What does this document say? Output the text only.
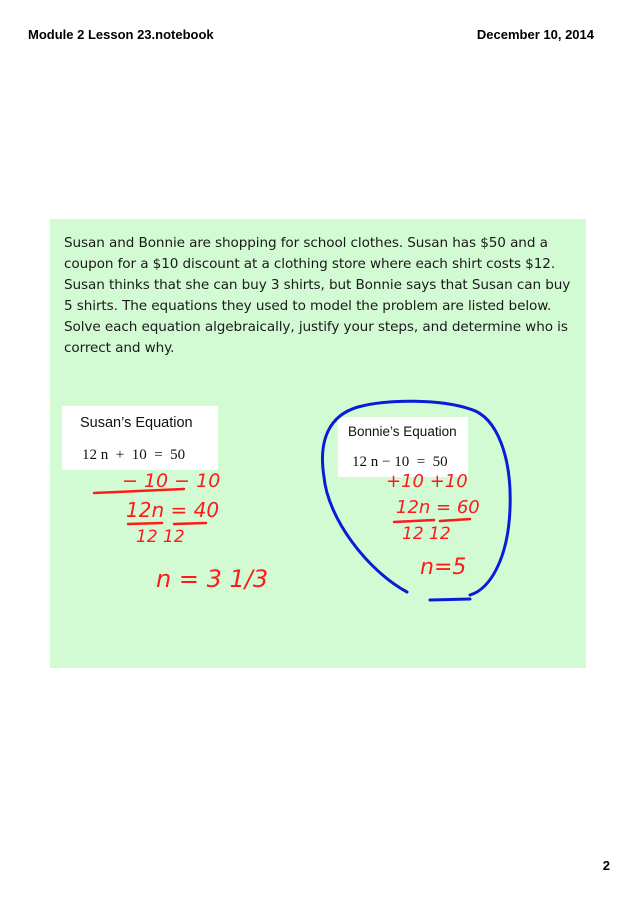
Module 2 Lesson 23.notebook	December 10, 2014

Susan and Bonnie are shopping for school clothes. Susan has $50 and a coupon for a $10 discount at a clothing store where each shirt costs $12. Susan thinks that she can buy 3 shirts, but Bonnie says that Susan can buy 5 shirts. The equations they used to model the problem are listed below. Solve each equation algebraically, justify your steps, and determine who is correct and why.

Susan’s Equation
12 n  +  10  =  50
Bonnie’s Equation
12 n − 10  =  50
− 10 − 10
12n = 40
12 12
n = 3 1/3
+10 +10
12n = 60
12 12
n=5
2
